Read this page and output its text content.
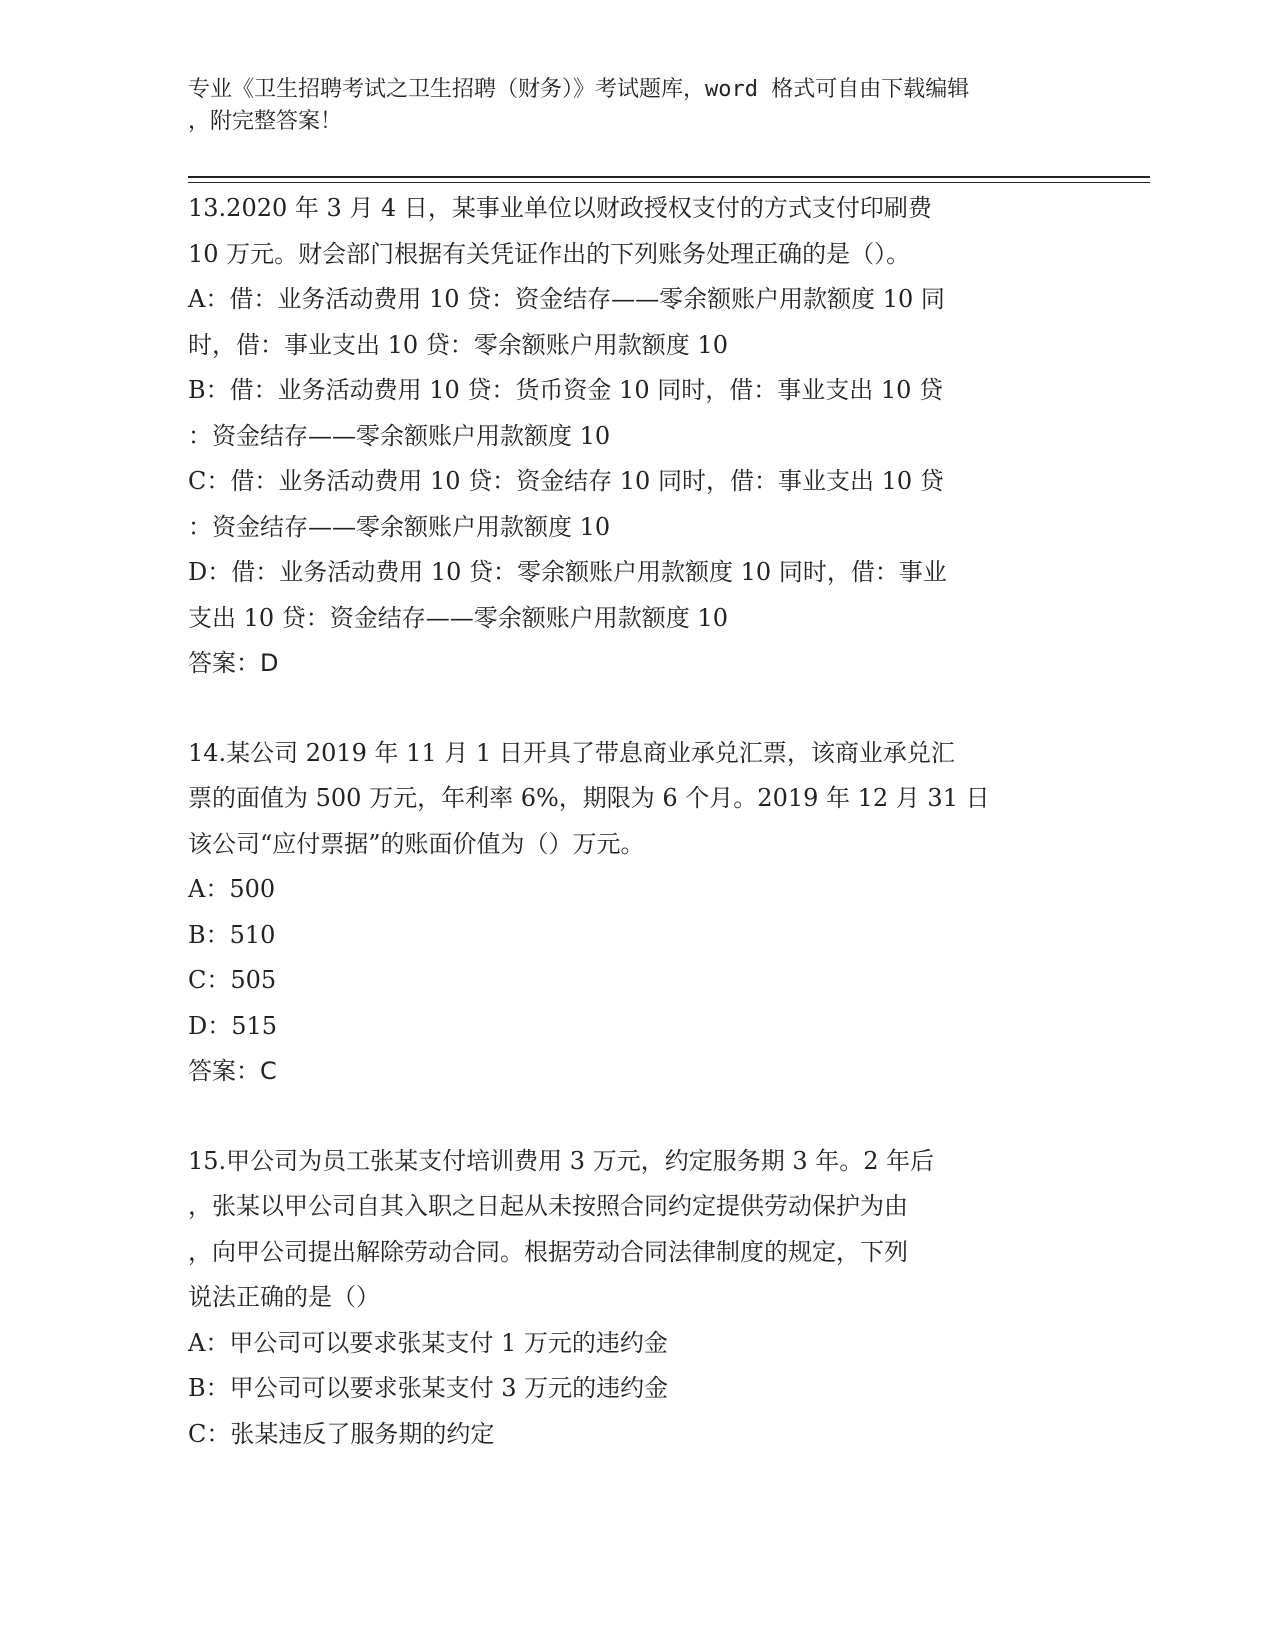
专业《卫生招聘考试之卫生招聘（财务）》考试题库，word 格式可自由下载编辑
，附完整答案！
13.2020 年 3 月 4 日，某事业单位以财政授权支付的方式支付印刷费
10 万元。财会部门根据有关凭证作出的下列账务处理正确的是（）。
A：借：业务活动费用 10 贷：资金结存——零余额账户用款额度 10 同
时，借：事业支出 10 贷：零余额账户用款额度 10
B：借：业务活动费用 10 贷：货币资金 10 同时，借：事业支出 10 贷
：资金结存——零余额账户用款额度 10
C：借：业务活动费用 10 贷：资金结存 10 同时，借：事业支出 10 贷
：资金结存——零余额账户用款额度 10
D：借：业务活动费用 10 贷：零余额账户用款额度 10 同时，借：事业
支出 10 贷：资金结存——零余额账户用款额度 10
答案：D
14.某公司 2019 年 11 月 1 日开具了带息商业承兑汇票，该商业承兑汇
票的面值为 500 万元，年利率 6%，期限为 6 个月。2019 年 12 月 31 日
该公司“应付票据”的账面价值为（）万元。
A：500
B：510
C：505
D：515
答案：C
15.甲公司为员工张某支付培训费用 3 万元，约定服务期 3 年。2 年后
，张某以甲公司自其入职之日起从未按照合同约定提供劳动保护为由
，向甲公司提出解除劳动合同。根据劳动合同法律制度的规定，下列
说法正确的是（）
A：甲公司可以要求张某支付 1 万元的违约金
B：甲公司可以要求张某支付 3 万元的违约金
C：张某违反了服务期的约定
